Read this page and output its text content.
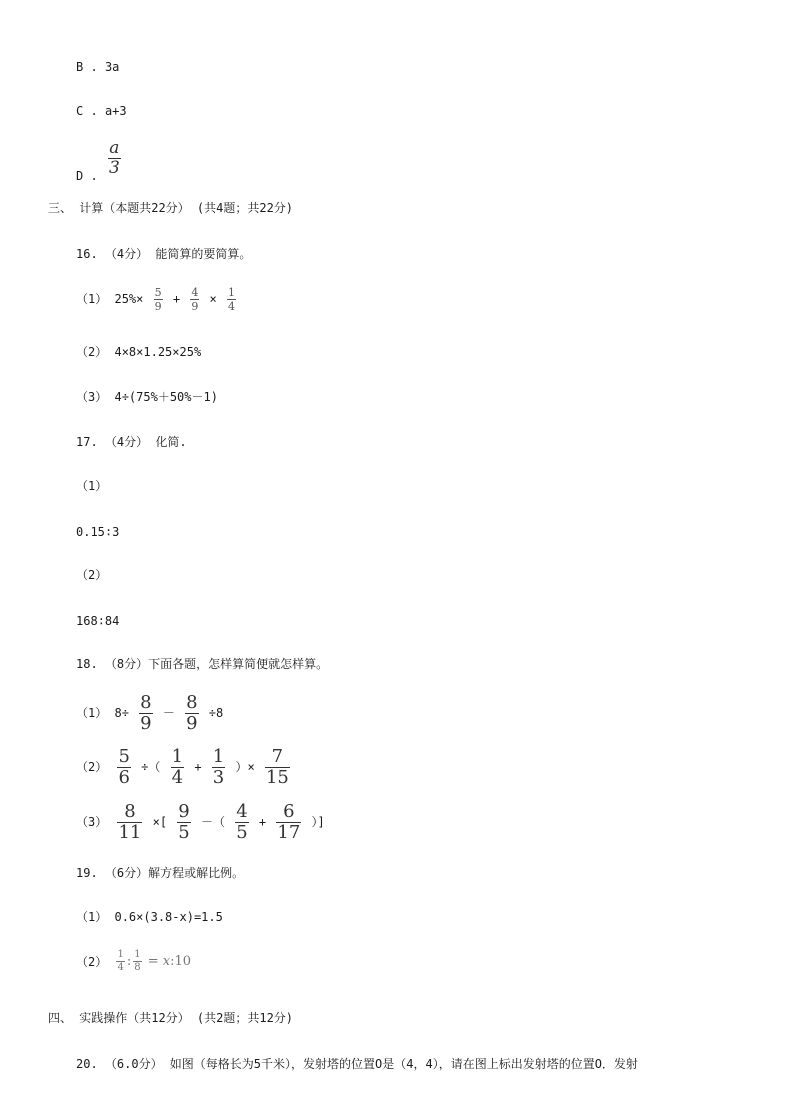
B . 3a
C . a+3
D . $\frac{a}{3}$
三、 计算（本题共22分） (共4题；共22分)
16. （4分） 能简算的要简算。
（1） $25\%\times \frac{5}{9} + \frac{4}{9} \times \frac{1}{4}$
（2） 4×8×1.25×25%
（3） 4÷(75%＋50%－1)
17. （4分） 化简.
（1）
0.15∶3
（2）
168∶84
18. （8分）下面各题，怎样算简便就怎样算。
（1） $8\div \frac{8}{9} - \frac{8}{9} \div 8$
$(2) \frac{5}{6}$ ÷（ $\frac{1}{4} + \frac{1}{3}$ ）× $\frac{7}{15}$
$(3) \frac{8}{11}$ ×[ $\frac{9}{5}$ －（ $\frac{4}{5} + \frac{6}{17}$ ）]
19. （6分）解方程或解比例。
（1） 0.6×(3.8-x)=1.5
$(2) \frac{1}{4}$ : $\frac{1}{8}$ = x:10
四、 实践操作（共12分） (共2题；共12分)
20. （6.0分） 如图（每格长为5千米），发射塔的位置O是（4，4），请在图上标出发射塔的位置O．发射
